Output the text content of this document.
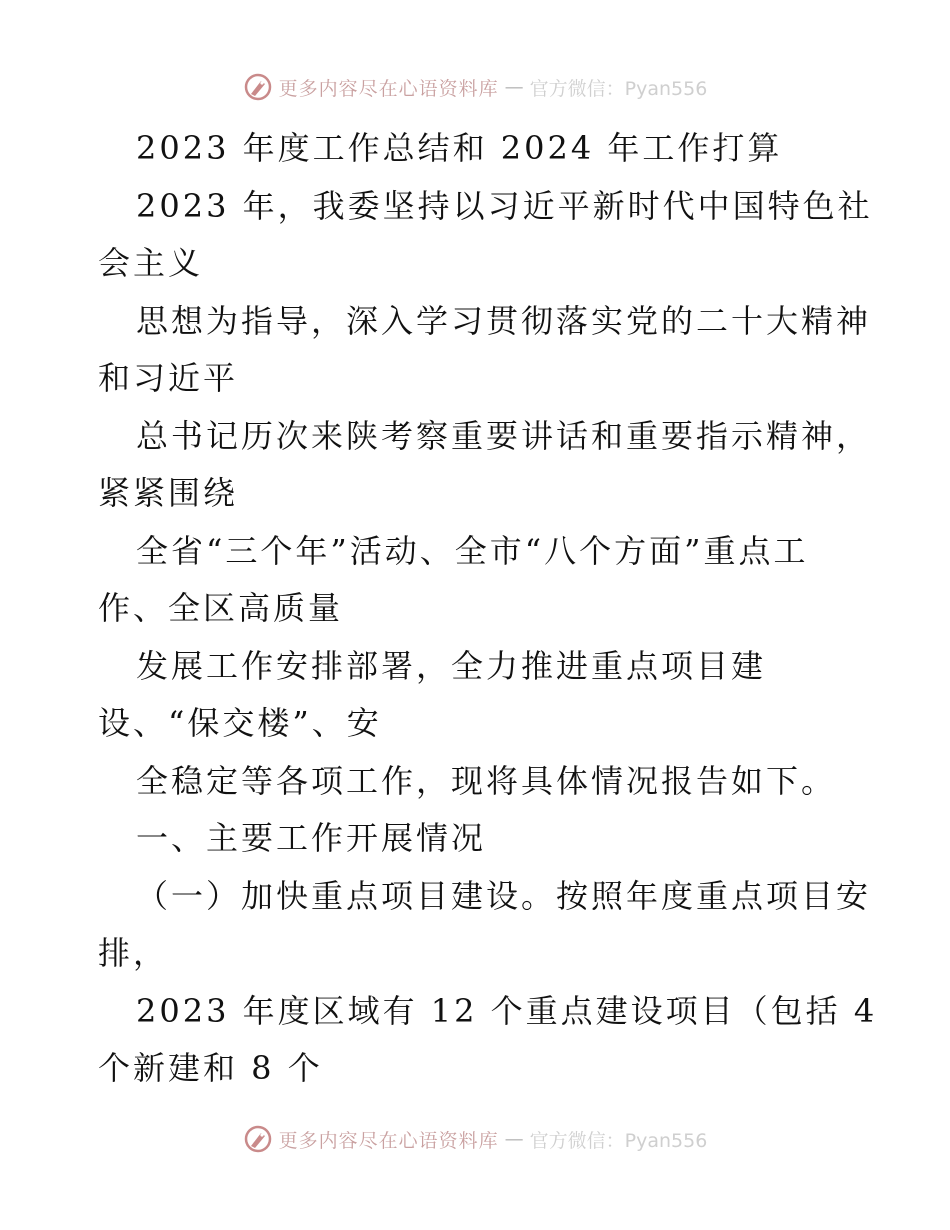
更多内容尽在心语资料库 — 官方微信：Pyan556
2023 年度工作总结和 2024 年工作打算
2023 年，我委坚持以习近平新时代中国特色社
会主义
思想为指导，深入学习贯彻落实党的二十大精神
和习近平
总书记历次来陕考察重要讲话和重要指示精神，
紧紧围绕
全省“三个年”活动、全市“八个方面”重点工
作、全区高质量
发展工作安排部署，全力推进重点项目建
设、“保交楼”、安
全稳定等各项工作，现将具体情况报告如下。
一、主要工作开展情况
（一）加快重点项目建设。按照年度重点项目安
排，
2023 年度区域有 12 个重点建设项目（包括 4
个新建和 8 个
更多内容尽在心语资料库 — 官方微信：Pyan556
